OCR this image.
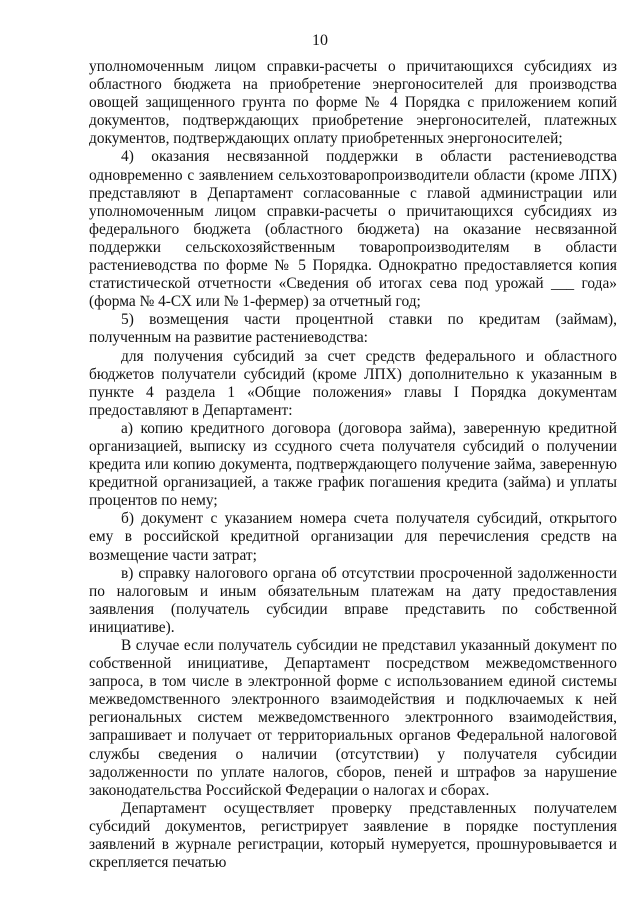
10

уполномоченным лицом справки-расчеты о причитающихся субсидиях из областного бюджета на приобретение энергоносителей для производства овощей защищенного грунта по форме № 4 Порядка с приложением копий документов, подтверждающих приобретение энергоносителей, платежных документов, подтверждающих оплату приобретенных энергоносителей;

4) оказания несвязанной поддержки в области растениеводства одновременно с заявлением сельхозтоваропроизводители области (кроме ЛПХ) представляют в Департамент согласованные с главой администрации или уполномоченным лицом справки-расчеты о причитающихся субсидиях из федерального бюджета (областного бюджета) на оказание несвязанной поддержки сельскохозяйственным товаропроизводителям в области растениеводства по форме № 5 Порядка. Однократно предоставляется копия статистической отчетности «Сведения об итогах сева под урожай ___ года» (форма № 4-СХ или № 1-фермер) за отчетный год;

5) возмещения части процентной ставки по кредитам (займам), полученным на развитие растениеводства:

для получения субсидий за счет средств федерального и областного бюджетов получатели субсидий (кроме ЛПХ) дополнительно к указанным в пункте 4 раздела 1 «Общие положения» главы I Порядка документам предоставляют в Департамент:

а) копию кредитного договора (договора займа), заверенную кредитной организацией, выписку из ссудного счета получателя субсидий о получении кредита или копию документа, подтверждающего получение займа, заверенную кредитной организацией, а также график погашения кредита (займа) и уплаты процентов по нему;

б) документ с указанием номера счета получателя субсидий, открытого ему в российской кредитной организации для перечисления средств на возмещение части затрат;

в) справку налогового органа об отсутствии просроченной задолженности по налоговым и иным обязательным платежам на дату предоставления заявления (получатель субсидии вправе представить по собственной инициативе).

В случае если получатель субсидии не представил указанный документ по собственной инициативе, Департамент посредством межведомственного запроса, в том числе в электронной форме с использованием единой системы межведомственного электронного взаимодействия и подключаемых к ней региональных систем межведомственного электронного взаимодействия, запрашивает и получает от территориальных органов Федеральной налоговой службы сведения о наличии (отсутствии) у получателя субсидии задолженности по уплате налогов, сборов, пеней и штрафов за нарушение законодательства Российской Федерации о налогах и сборах.

Департамент осуществляет проверку представленных получателем субсидий документов, регистрирует заявление в порядке поступления заявлений в журнале регистрации, который нумеруется, прошнуровывается и скрепляется печатью
